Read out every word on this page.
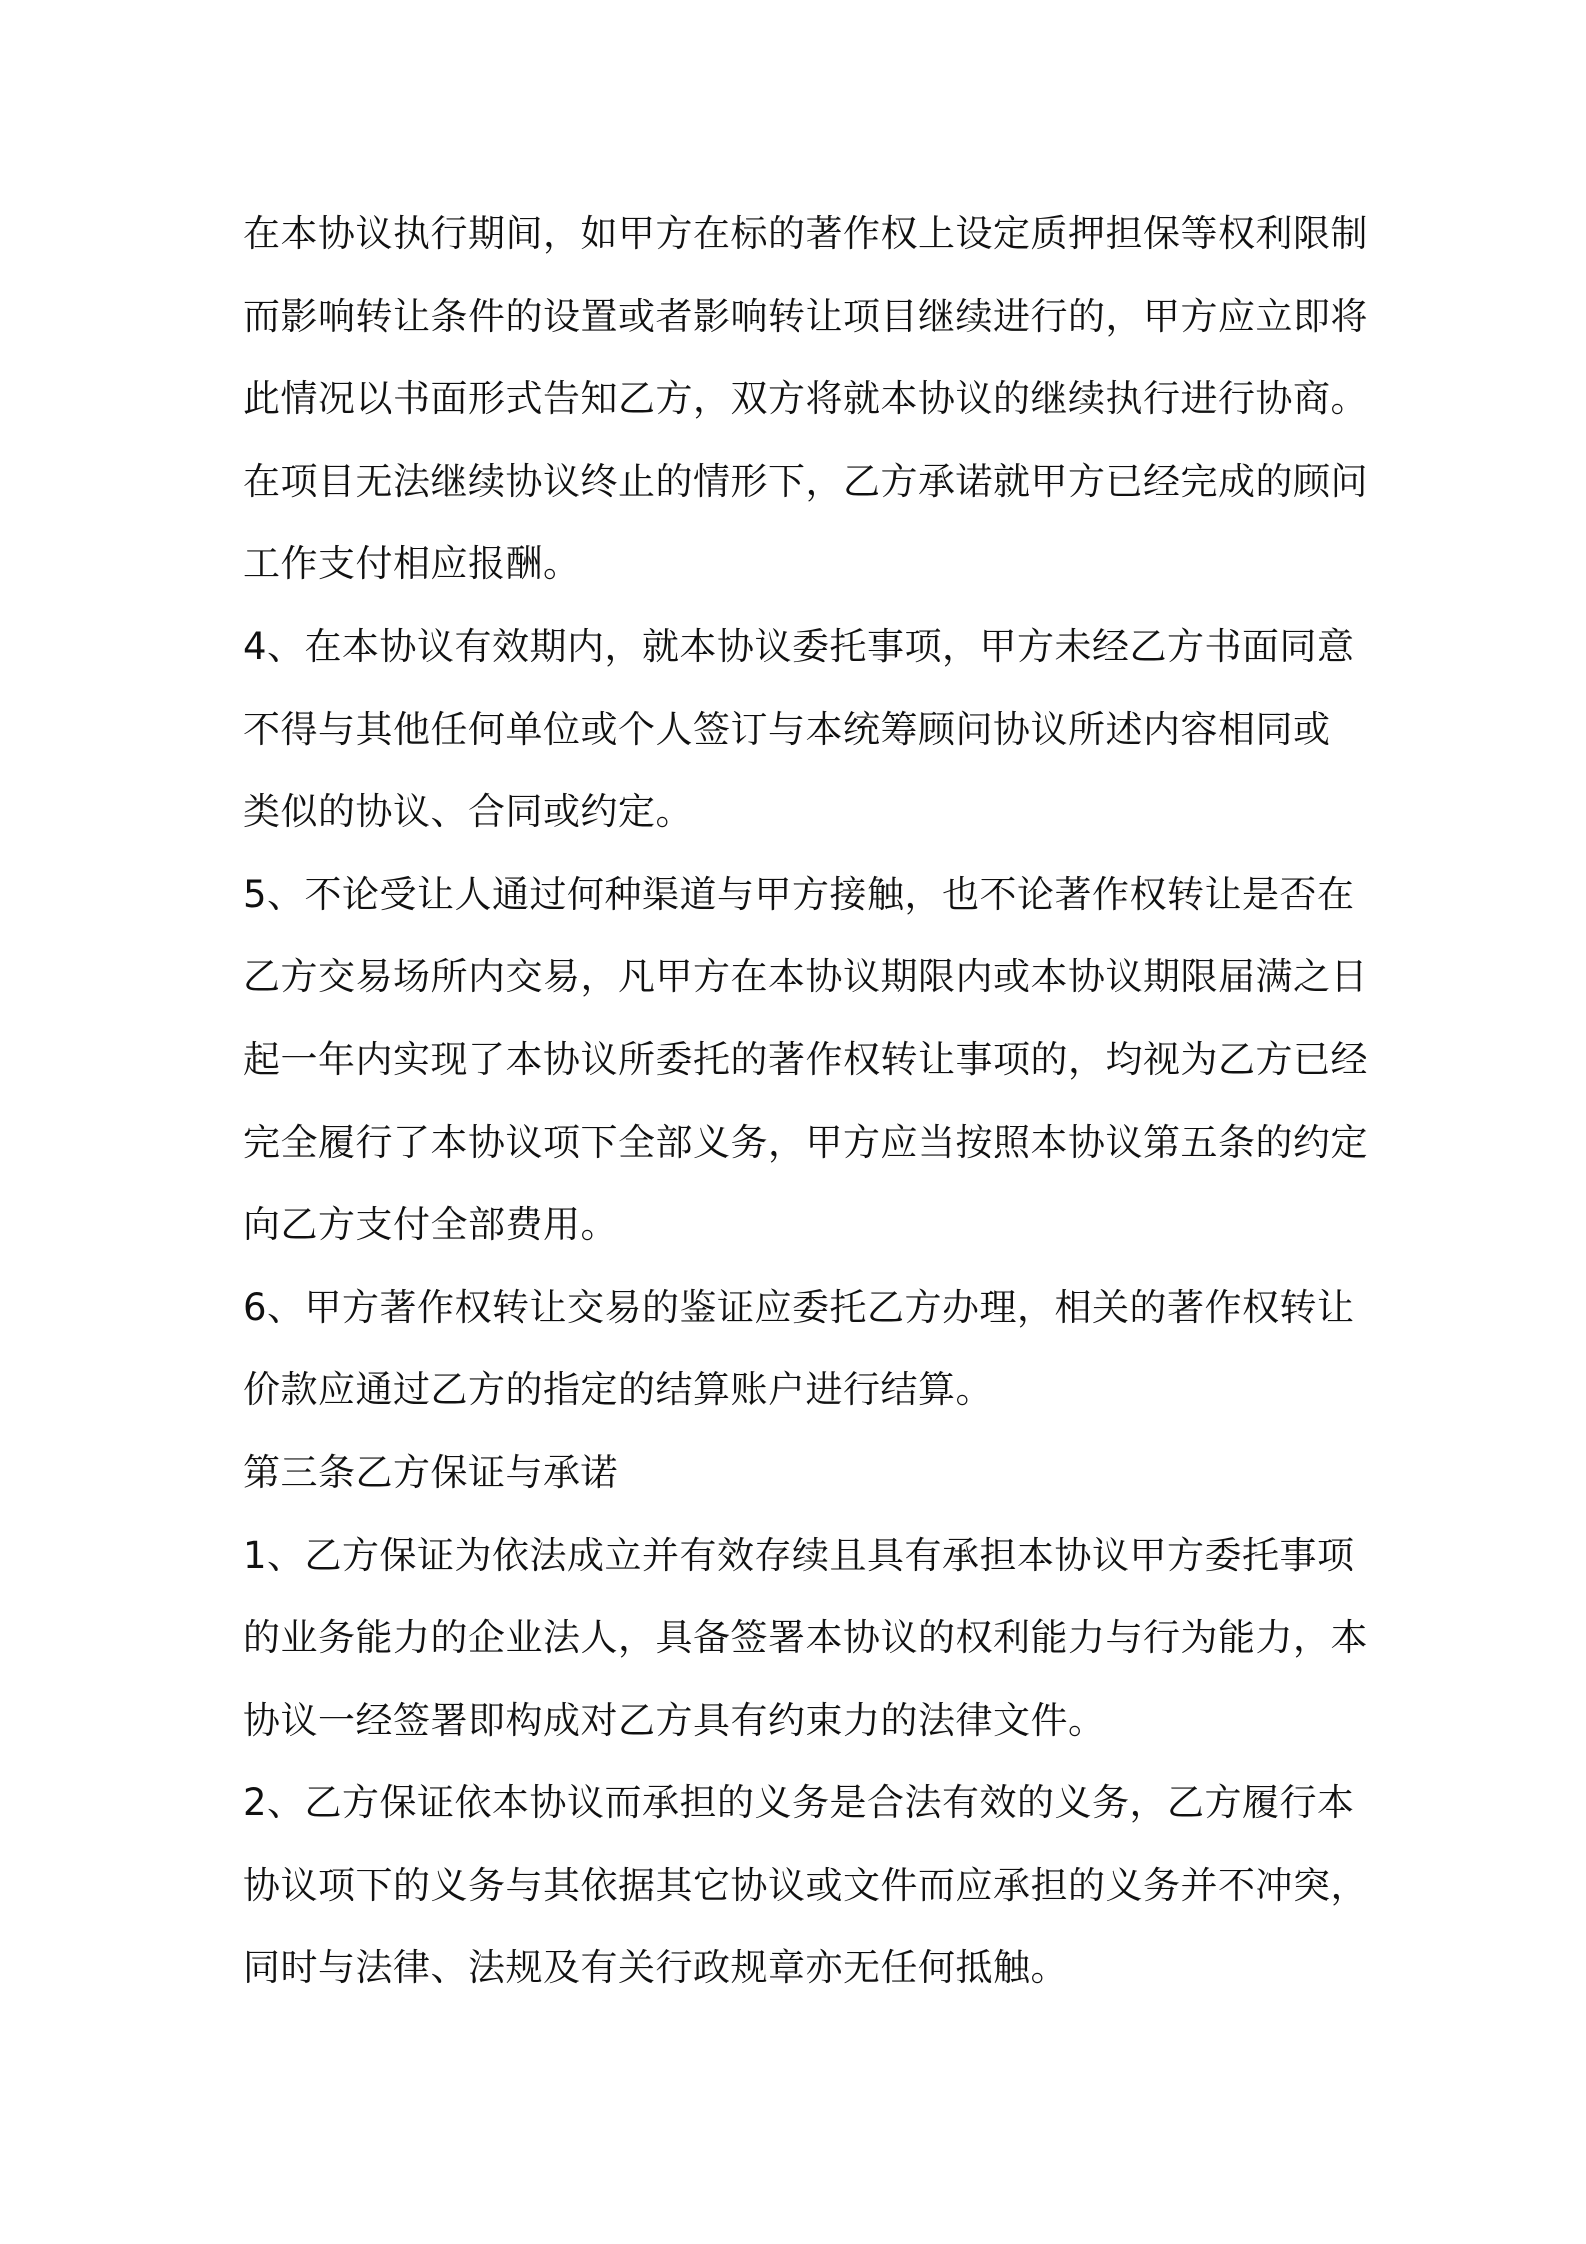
在本协议执行期间，如甲方在标的著作权上设定质押担保等权利限制
而影响转让条件的设置或者影响转让项目继续进行的，甲方应立即将
此情况以书面形式告知乙方，双方将就本协议的继续执行进行协商。
在项目无法继续协议终止的情形下，乙方承诺就甲方已经完成的顾问
工作支付相应报酬。
4、在本协议有效期内，就本协议委托事项，甲方未经乙方书面同意
不得与其他任何单位或个人签订与本统筹顾问协议所述内容相同或
类似的协议、合同或约定。
5、不论受让人通过何种渠道与甲方接触，也不论著作权转让是否在
乙方交易场所内交易，凡甲方在本协议期限内或本协议期限届满之日
起一年内实现了本协议所委托的著作权转让事项的，均视为乙方已经
完全履行了本协议项下全部义务，甲方应当按照本协议第五条的约定
向乙方支付全部费用。
6、甲方著作权转让交易的鉴证应委托乙方办理，相关的著作权转让
价款应通过乙方的指定的结算账户进行结算。
第三条乙方保证与承诺
1、乙方保证为依法成立并有效存续且具有承担本协议甲方委托事项
的业务能力的企业法人，具备签署本协议的权利能力与行为能力，本
协议一经签署即构成对乙方具有约束力的法律文件。
2、乙方保证依本协议而承担的义务是合法有效的义务，乙方履行本
协议项下的义务与其依据其它协议或文件而应承担的义务并不冲突，
同时与法律、法规及有关行政规章亦无任何抵触。
